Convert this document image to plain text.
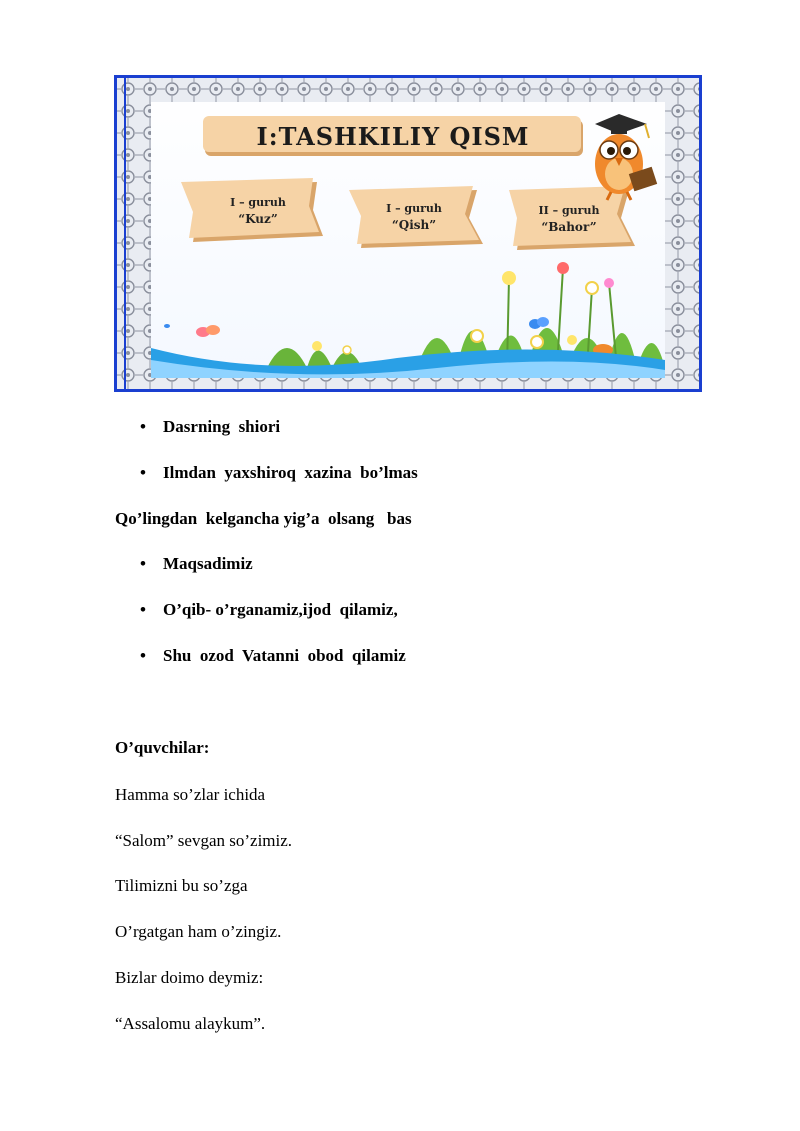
I:TASHKILIY QISM
I – guruh
“Kuz”
I – guruh
“Qish”
II – guruh
“Bahor”

•

Dasrning  shiori

•

Ilmdan  yaxshiroq  xazina  bo’lmas

Qo’lingdan  kelgancha yig’a  olsang   bas

•

Maqsadimiz

•

O’qib- o’rganamiz,ijod  qilamiz,

•

Shu  ozod  Vatanni  obod  qilamiz

O’quvchilar:
Hamma so’zlar ichida
“Salom” sevgan so’zimiz.
Tilimizni bu so’zga
O’rgatgan ham o’zingiz.
Bizlar doimo deymiz:
“Assalomu alaykum”.
